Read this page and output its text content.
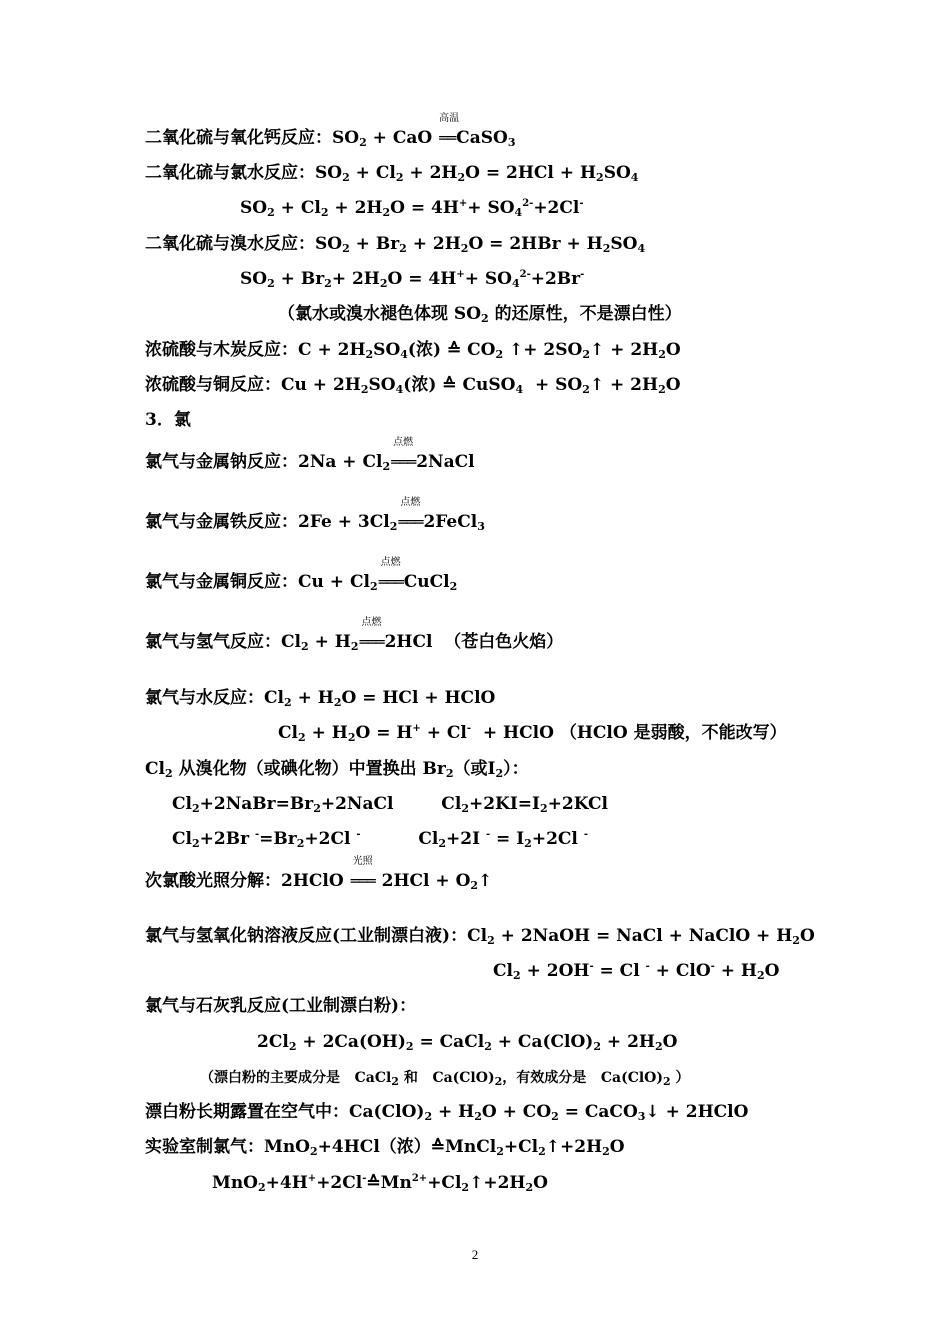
二氧化硫与氧化钙反应：$SO_2$ + CaO
高温
══ CaSO$_3$
二氧化硫与氯水反应：$SO_2 + Cl_2 + 2H_2O = 2HCl + H_2SO_4$
$SO_2 + Cl_2 + 2H_2O = 4H^++ SO_4^{2-}+2Cl^-$
二氧化硫与溴水反应：$SO_2 + Br_2 + 2H_2O = 2HBr + H_2SO_4$
$SO_2 + Br_2+ 2H_2O = 4H^++ SO_4^{2-}+2Br^-$
（氯水或溴水褪色体现 $SO_2$ 的还原性，不是漂白性）
浓硫酸与木炭反应：$C + 2H_2SO_4$(浓) ≙ $CO_2$ ↑+ $2SO_2↑ + 2H_2O$
浓硫酸与铜反应：$Cu + 2H_2SO_4$(浓) ≙ CuSO$_4$  + $SO_2↑ + 2H_2O$
3．氯
氯气与金属钠反应：$2Na + Cl_2$
点燃
═══ 2NaCl
氯气与金属铁反应：$2Fe + 3Cl_2$
点燃
═══ 2FeCl$_3$
氯气与金属铜反应：$Cu + Cl_2$
点燃
═══ CuCl$_2$
氯气与氢气反应：$Cl_2 + H_2$
点燃
═══ 2HCl  （苍白色火焰）
氯气与水反应：$Cl_2 + H_2O$ = HCl + HClO
$Cl_2 + H_2O = H^+ + Cl^-$  + HClO （HClO 是弱酸，不能改写）
$Cl_2$ 从溴化物（或碘化物）中置换出 $Br_2$（或$I_2$）：
$Cl_2+2NaBr=Br_2+2NaCl$  $Cl_2+2KI=I_2+2KCl$
$Cl_2+2Br$ $^-=Br_2+2Cl$ -	$Cl_2+2I$ $^- = I_2+2Cl$ -
次氯酸光照分解：2HClO
光照
═══ $2HCl + O_2↑$
氯气与氢氧化钠溶液反应(工业制漂白液)：$Cl_2$ + 2NaOH = NaCl + NaClO + $H_2O$
$Cl_2 + 2OH^- = Cl$ $^- + ClO^- + H_2O$
氯气与石灰乳反应(工业制漂白粉)：
$2Cl_2 + 2Ca(OH)_2$ = CaCl$_2$ + $Ca(ClO)_2 + 2H_2O$
（漂白粉的主要成分是   CaCl$_2$ 和   $Ca(ClO)_2$，有效成分是   $Ca(ClO)_2$ ）
漂白粉长期露置在空气中：$Ca(ClO)_2 + H_2O + CO_2$ = CaCO$_3$↓ + 2HClO
实验室制氯气：MnO$_2$+4HCl（浓）$≙MnCl_2+Cl_2↑+2H_2O$
$MnO_2+4H^++2Cl^-≙Mn^{2+}+Cl_2↑+2H_2O$
2
